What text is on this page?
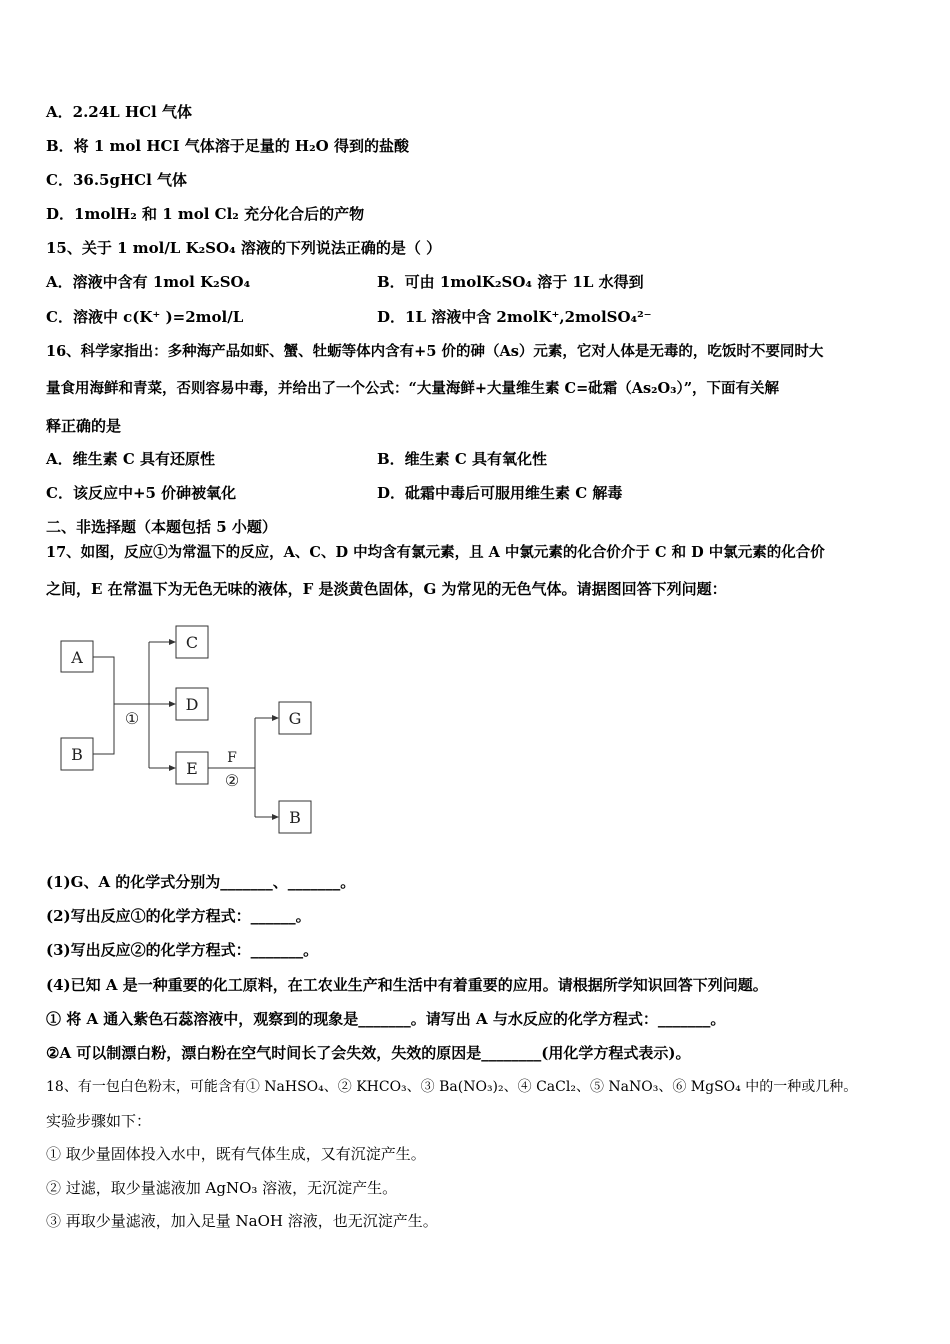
A．2.24L HCl 气体
B．将 1 mol HCI 气体溶于足量的 H₂O 得到的盐酸
C．36.5gHCl 气体
D．1molH₂ 和 1 mol Cl₂ 充分化合后的产物
15、关于 1 mol/L K₂SO₄ 溶液的下列说法正确的是（ ）
A．溶液中含有 1mol K₂SO₄	B．可由 1molK₂SO₄ 溶于 1L 水得到
C．溶液中 c(K⁺ )=2mol/L	D．1L 溶液中含 2molK⁺,2molSO₄²⁻
16、科学家指出：多种海产品如虾、蟹、牡蛎等体内含有+5 价的砷（As）元素，它对人体是无毒的，吃饭时不要同时大
量食用海鲜和青菜，否则容易中毒，并给出了一个公式：“大量海鲜+大量维生素 C=砒霜（As₂O₃）”，下面有关解
释正确的是
A．维生素 C 具有还原性	B．维生素 C 具有氧化性
C．该反应中+5 价砷被氧化	D．砒霜中毒后可服用维生素 C 解毒
二、非选择题（本题包括 5 小题）
17、如图，反应①为常温下的反应，A、C、D 中均含有氯元素，且 A 中氯元素的化合价介于 C 和 D 中氯元素的化合价
之间，E 在常温下为无色无味的液体，F 是淡黄色固体，G 为常见的无色气体。请据图回答下列问题：
A
B
C
D
E
G
B
①
F
②
(1)G、A 的化学式分别为_______、_______。
(2)写出反应①的化学方程式：______。
(3)写出反应②的化学方程式：_______。
(4)已知 A 是一种重要的化工原料，在工农业生产和生活中有着重要的应用。请根据所学知识回答下列问题。
① 将 A 通入紫色石蕊溶液中，观察到的现象是_______。请写出 A 与水反应的化学方程式：_______。
②A 可以制漂白粉，漂白粉在空气时间长了会失效，失效的原因是________(用化学方程式表示)。
18、有一包白色粉末，可能含有① NaHSO₄、② KHCO₃、③ Ba(NO₃)₂、④ CaCl₂、⑤ NaNO₃、⑥ MgSO₄ 中的一种或几种。
实验步骤如下：
① 取少量固体投入水中，既有气体生成，又有沉淀产生。
② 过滤，取少量滤液加 AgNO₃ 溶液，无沉淀产生。
③ 再取少量滤液，加入足量 NaOH 溶液，也无沉淀产生。
